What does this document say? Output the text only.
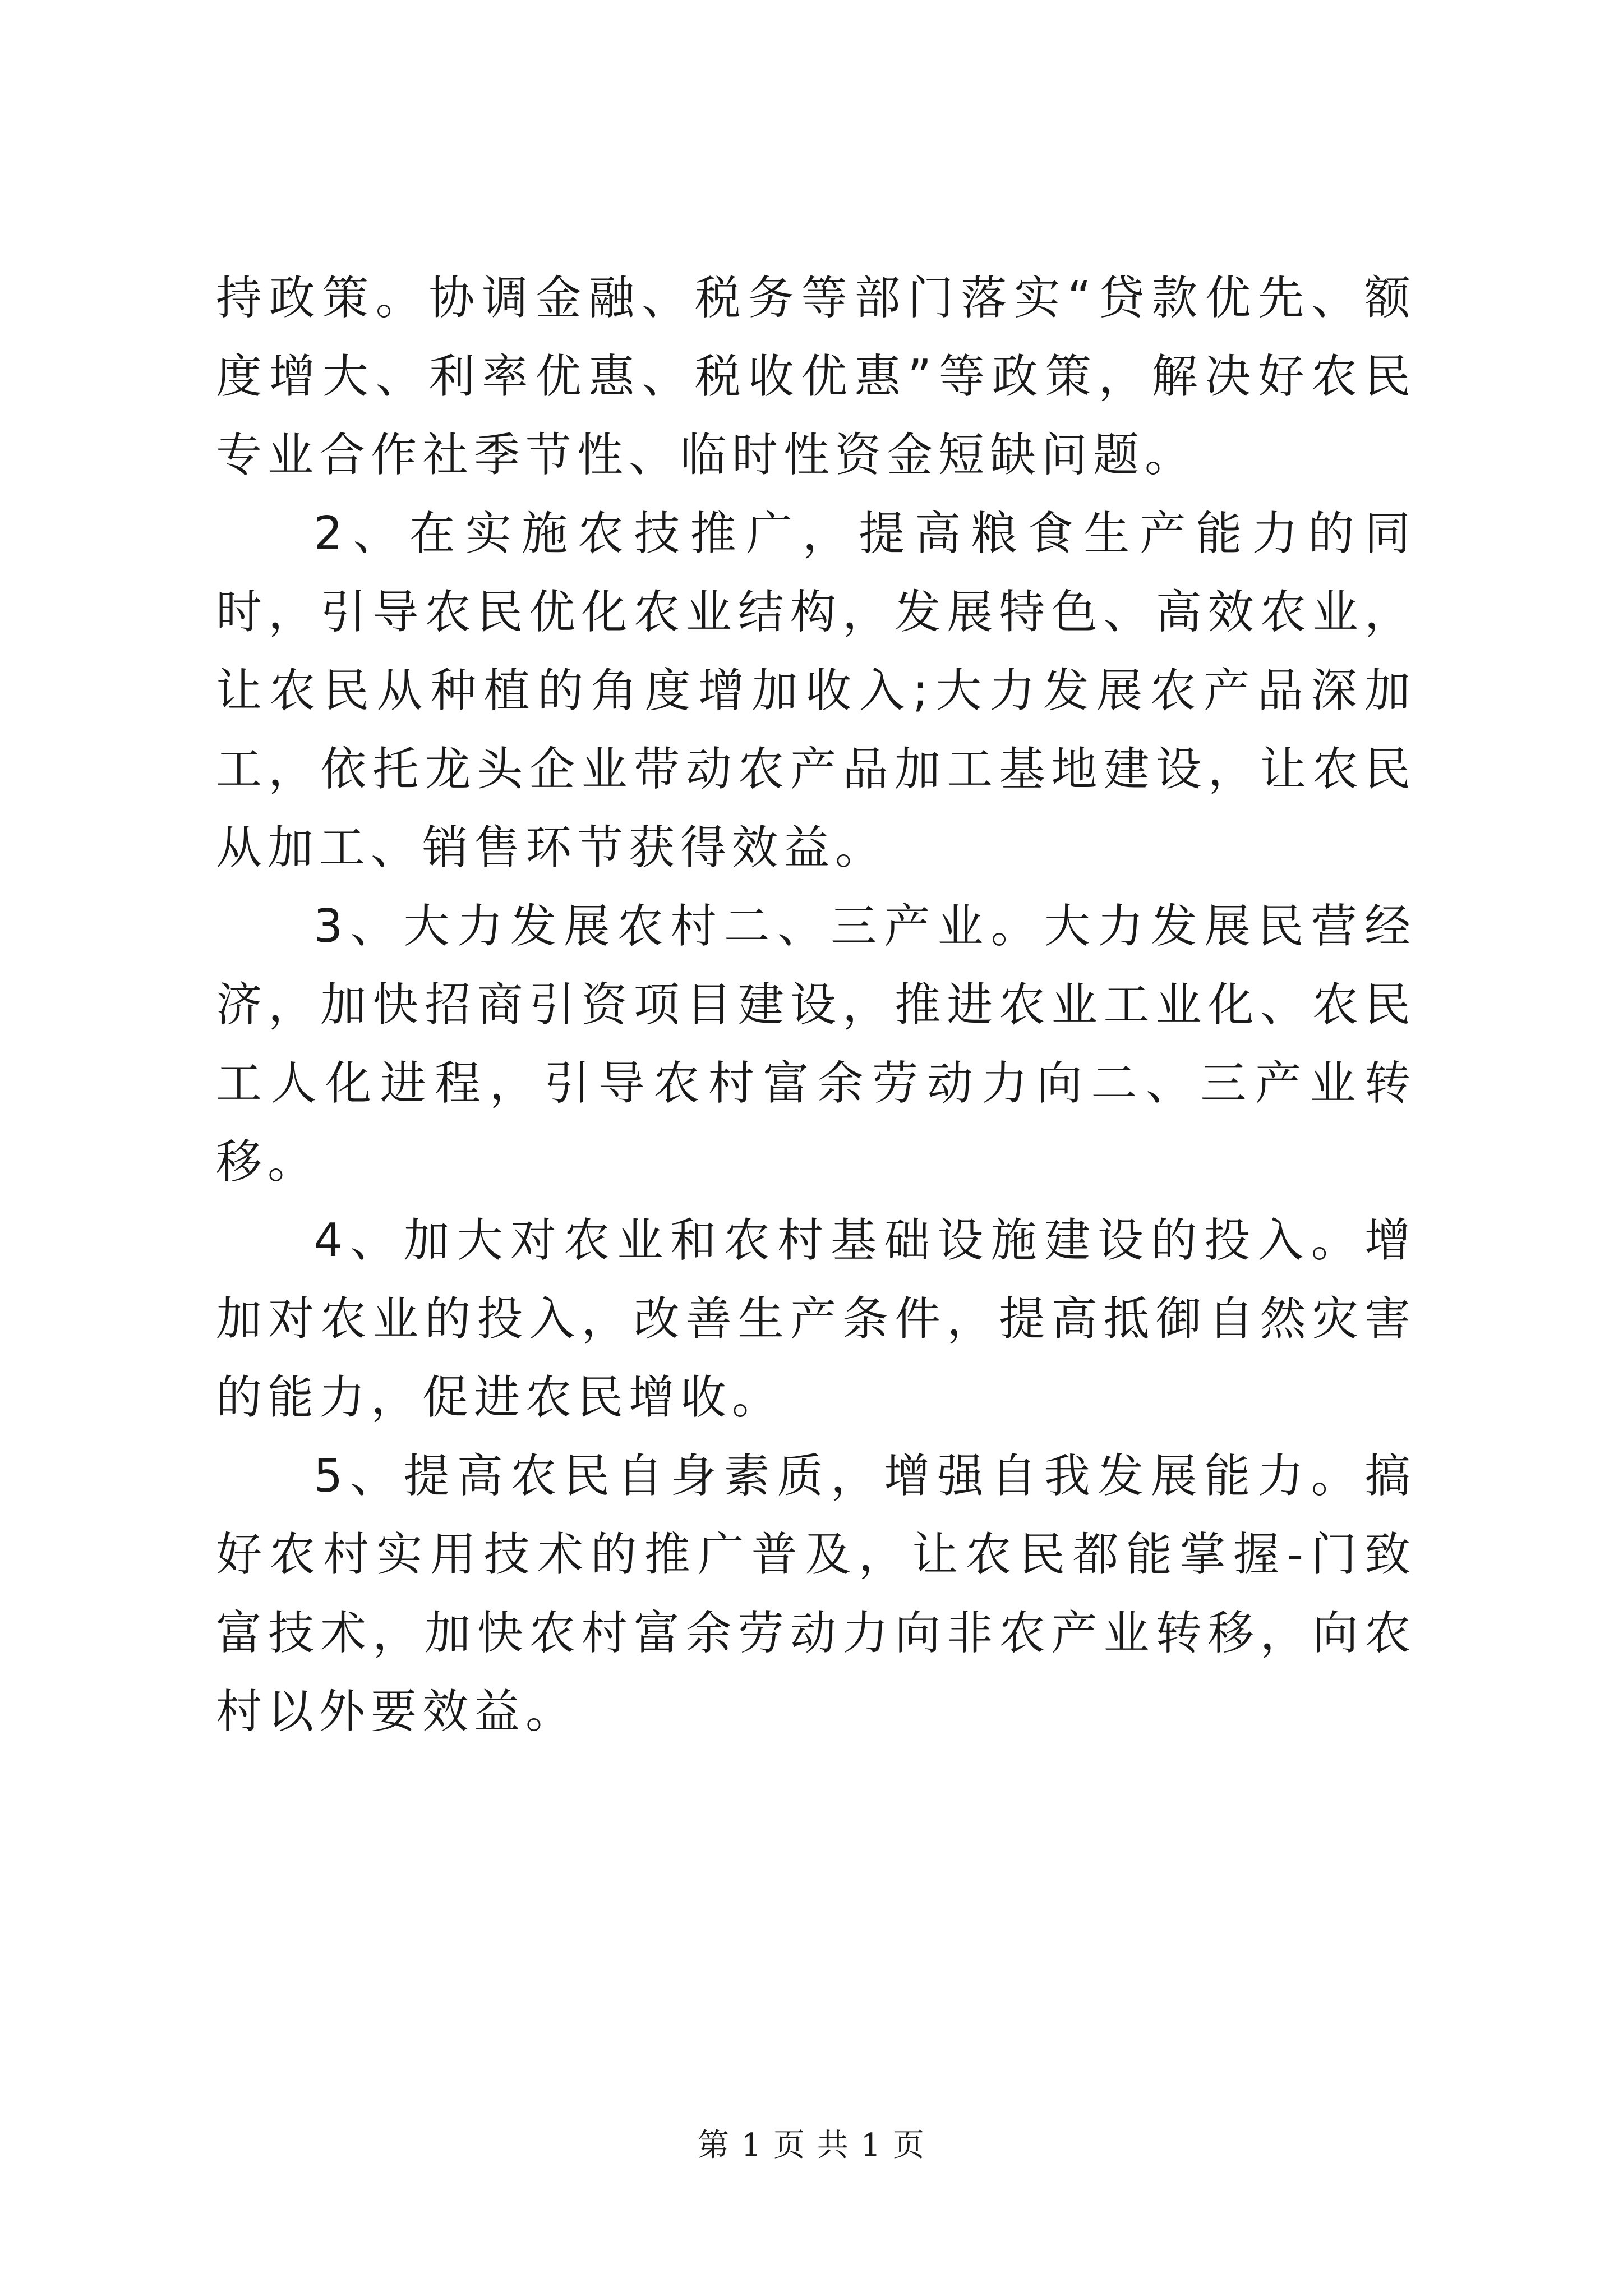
持政策。协调金融、税务等部门落实“贷款优先、额度增大、利率优惠、税收优惠”等政策，解决好农民专业合作社季节性、临时性资金短缺问题。

2、在实施农技推广，提高粮食生产能力的同时，引导农民优化农业结构，发展特色、高效农业，让农民从种植的角度增加收入;大力发展农产品深加工，依托龙头企业带动农产品加工基地建设，让农民从加工、销售环节获得效益。

3、大力发展农村二、三产业。大力发展民营经济，加快招商引资项目建设，推进农业工业化、农民工人化进程，引导农村富余劳动力向二、三产业转移。

4、加大对农业和农村基础设施建设的投入。增加对农业的投入，改善生产条件，提高抵御自然灾害的能力，促进农民增收。

5、提高农民自身素质，增强自我发展能力。搞好农村实用技术的推广普及，让农民都能掌握-门致富技术，加快农村富余劳动力向非农产业转移，向农村以外要效益。

第 1 页 共 1 页
